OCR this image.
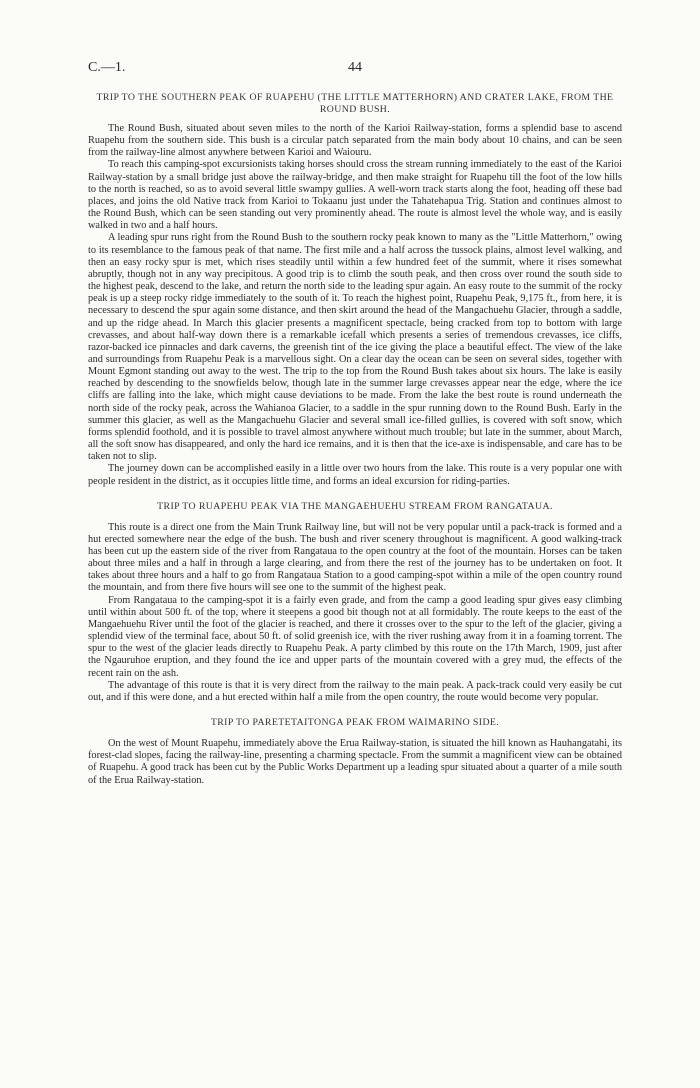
C.—1.	44
TRIP TO THE SOUTHERN PEAK OF RUAPEHU (THE LITTLE MATTERHORN) AND CRATER LAKE, FROM THE ROUND BUSH.

The Round Bush, situated about seven miles to the north of the Karioi Railway-station, forms a splendid base to ascend Ruapehu from the southern side. This bush is a circular patch separated from the main body about 10 chains, and can be seen from the railway-line almost anywhere between Karioi and Waiouru.

To reach this camping-spot excursionists taking horses should cross the stream running immediately to the east of the Karioi Railway-station by a small bridge just above the railway-bridge, and then make straight for Ruapehu till the foot of the low hills to the north is reached, so as to avoid several little swampy gullies. A well-worn track starts along the foot, heading off these bad places, and joins the old Native track from Karioi to Tokaanu just under the Tahatehapua Trig. Station and continues almost to the Round Bush, which can be seen standing out very prominently ahead. The route is almost level the whole way, and is easily walked in two and a half hours.

A leading spur runs right from the Round Bush to the southern rocky peak known to many as the "Little Matterhorn," owing to its resemblance to the famous peak of that name. The first mile and a half across the tussock plains, almost level walking, and then an easy rocky spur is met, which rises steadily until within a few hundred feet of the summit, where it rises somewhat abruptly, though not in any way precipitous. A good trip is to climb the south peak, and then cross over round the south side to the highest peak, descend to the lake, and return the north side to the leading spur again. An easy route to the summit of the rocky peak is up a steep rocky ridge immediately to the south of it. To reach the highest point, Ruapehu Peak, 9,175 ft., from here, it is necessary to descend the spur again some distance, and then skirt around the head of the Mangachuehu Glacier, through a saddle, and up the ridge ahead. In March this glacier presents a magnificent spectacle, being cracked from top to bottom with large crevasses, and about half-way down there is a remarkable icefall which presents a series of tremendous crevasses, ice cliffs, razor-backed ice pinnacles and dark caverns, the greenish tint of the ice giving the place a beautiful effect. The view of the lake and surroundings from Ruapehu Peak is a marvellous sight. On a clear day the ocean can be seen on several sides, together with Mount Egmont standing out away to the west. The trip to the top from the Round Bush takes about six hours. The lake is easily reached by descending to the snowfields below, though late in the summer large crevasses appear near the edge, where the ice cliffs are falling into the lake, which might cause deviations to be made. From the lake the best route is round underneath the north side of the rocky peak, across the Wahianoa Glacier, to a saddle in the spur running down to the Round Bush. Early in the summer this glacier, as well as the Mangachuehu Glacier and several small ice-filled gullies, is covered with soft snow, which forms splendid foothold, and it is possible to travel almost anywhere without much trouble; but late in the summer, about March, all the soft snow has disappeared, and only the hard ice remains, and it is then that the ice-axe is indispensable, and care has to be taken not to slip.

The journey down can be accomplished easily in a little over two hours from the lake. This route is a very popular one with people resident in the district, as it occupies little time, and forms an ideal excursion for riding-parties.

TRIP TO RUAPEHU PEAK VIA THE MANGAEHUEHU STREAM FROM RANGATAUA.

This route is a direct one from the Main Trunk Railway line, but will not be very popular until a pack-track is formed and a hut erected somewhere near the edge of the bush. The bush and river scenery throughout is magnificent. A good walking-track has been cut up the eastern side of the river from Rangataua to the open country at the foot of the mountain. Horses can be taken about three miles and a half in through a large clearing, and from there the rest of the journey has to be undertaken on foot. It takes about three hours and a half to go from Rangataua Station to a good camping-spot within a mile of the open country round the mountain, and from there five hours will see one to the summit of the highest peak.

From Rangataua to the camping-spot it is a fairly even grade, and from the camp a good leading spur gives easy climbing until within about 500 ft. of the top, where it steepens a good bit though not at all formidably. The route keeps to the east of the Mangaehuehu River until the foot of the glacier is reached, and there it crosses over to the spur to the left of the glacier, giving a splendid view of the terminal face, about 50 ft. of solid greenish ice, with the river rushing away from it in a foaming torrent. The spur to the west of the glacier leads directly to Ruapehu Peak. A party climbed by this route on the 17th March, 1909, just after the Ngauruhoe eruption, and they found the ice and upper parts of the mountain covered with a grey mud, the effects of the recent rain on the ash.

The advantage of this route is that it is very direct from the railway to the main peak. A pack-track could very easily be cut out, and if this were done, and a hut erected within half a mile from the open country, the route would become very popular.

TRIP TO PARETETAITONGA PEAK FROM WAIMARINO SIDE.

On the west of Mount Ruapehu, immediately above the Erua Railway-station, is situated the hill known as Hauhangatahi, its forest-clad slopes, facing the railway-line, presenting a charming spectacle. From the summit a magnificent view can be obtained of Ruapehu. A good track has been cut by the Public Works Department up a leading spur situated about a quarter of a mile south of the Erua Railway-station.
